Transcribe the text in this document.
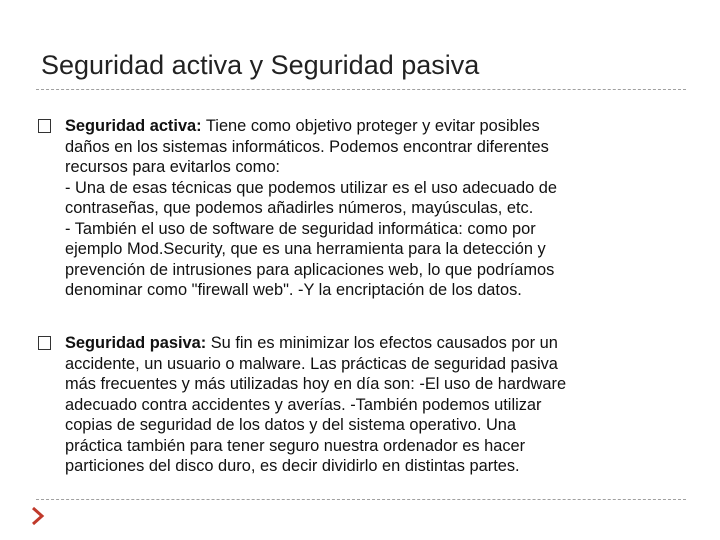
Seguridad activa y Seguridad pasiva
Seguridad activa: Tiene como objetivo proteger y evitar posibles
daños en los sistemas informáticos. Podemos encontrar diferentes
recursos para evitarlos como:
- Una de esas técnicas que podemos utilizar es el uso adecuado de
contraseñas, que podemos añadirles números, mayúsculas, etc.
- También el uso de software de seguridad informática: como por
ejemplo Mod.Security, que es una herramienta para la detección y
prevención de intrusiones para aplicaciones web, lo que podríamos
denominar como "firewall web". -Y la encriptación de los datos.
Seguridad pasiva: Su fin es minimizar los efectos causados por un
accidente, un usuario o malware. Las prácticas de seguridad pasiva
más frecuentes y más utilizadas hoy en día son: -El uso de hardware
adecuado contra accidentes y averías. -También podemos utilizar
copias de seguridad de los datos y del sistema operativo. Una
práctica también para tener seguro nuestra ordenador es hacer
particiones del disco duro, es decir dividirlo en distintas partes.
